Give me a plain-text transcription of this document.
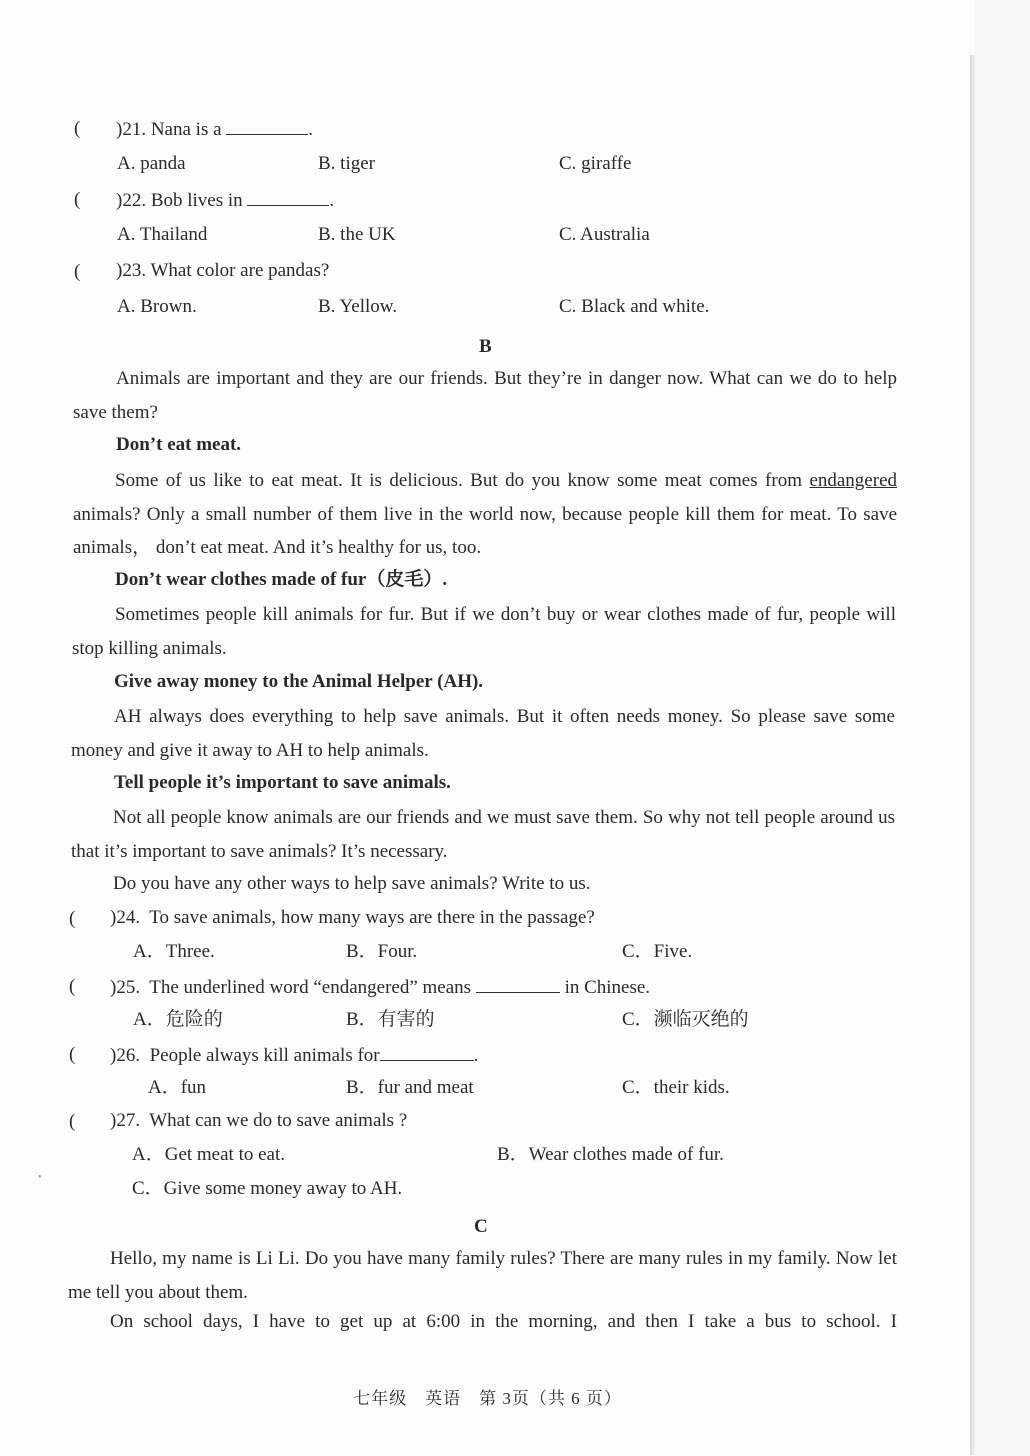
•
( )21. Nana is a	.
A. panda	B. tiger	C. giraffe
( )22. Bob lives in	.
A. Thailand	B. the UK	C. Australia
( )23. What color are pandas?
A. Brown.	B. Yellow.	C. Black and white.
B
Animals are important and they are our friends. But they’re in danger now. What can we do to help save them?
Don’t eat meat.
Some of us like to eat meat. It is delicious. But do you know some meat comes from endangered animals? Only a small number of them live in the world now, because people kill them for meat. To save animals， don’t eat meat. And it’s healthy for us, too.
Don’t wear clothes made of fur（皮毛）.
Sometimes people kill animals for fur. But if we don’t buy or wear clothes made of fur, people will stop killing animals.
Give away money to the Animal Helper (AH).
AH always does everything to help save animals. But it often needs money. So please save some money and give it away to AH to help animals.
Tell people it’s important to save animals.
Not all people know animals are our friends and we must save them. So why not tell people around us that it’s important to save animals? It’s necessary.
Do you have any other ways to help save animals? Write to us.
( )24.  To save animals, how many ways are there in the passage?
A．Three.	B．Four.	C．Five.
( )25.  The underlined word “endangered” means	in Chinese.
A．危险的	B．有害的	C．濒临灭绝的
( )26.  People always kill animals for	.
A．fun	B．fur and meat	C．their kids.
( )27.  What can we do to save animals ?
A．Get meat to eat.	B．Wear clothes made of fur.
C．Give some money away to AH.
C
Hello, my name is Li Li. Do you have many family rules? There are many rules in my family. Now let me tell you about them.
On school days, I have to get up at 6:00 in the morning, and then I take a bus to school. I
七年级　英语　第 3页（共 6 页）
